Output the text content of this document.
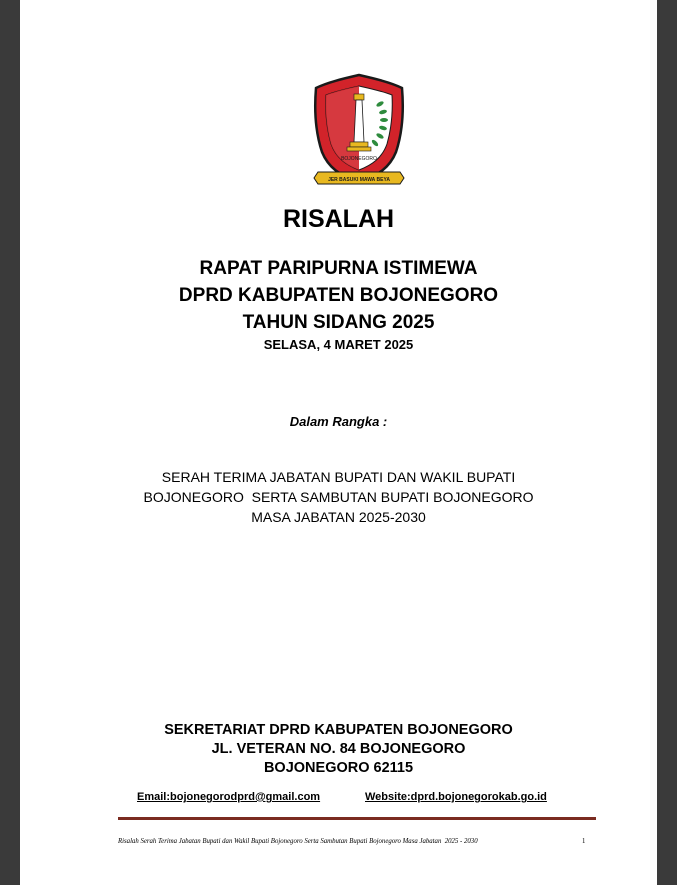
BOJONEGORO
JER BASUKI MAWA BEYA
RISALAH
RAPAT PARIPURNA ISTIMEWA
DPRD KABUPATEN BOJONEGORO
TAHUN SIDANG 2025
SELASA, 4 MARET 2025
Dalam Rangka :
SERAH TERIMA JABATAN BUPATI DAN WAKIL BUPATI
BOJONEGORO  SERTA SAMBUTAN BUPATI BOJONEGORO
MASA JABATAN 2025-2030
SEKRETARIAT DPRD KABUPATEN BOJONEGORO
JL. VETERAN NO. 84 BOJONEGORO
BOJONEGORO 62115
Email:bojonegorodprd@gmail.com	Website:dprd.bojonegorokab.go.id
Risalah Serah Terima Jabatan Bupati dan Wakil Bupati Bojonegoro Serta Sambutan Bupati Bojonegoro Masa Jabatan  2025 - 2030	1
